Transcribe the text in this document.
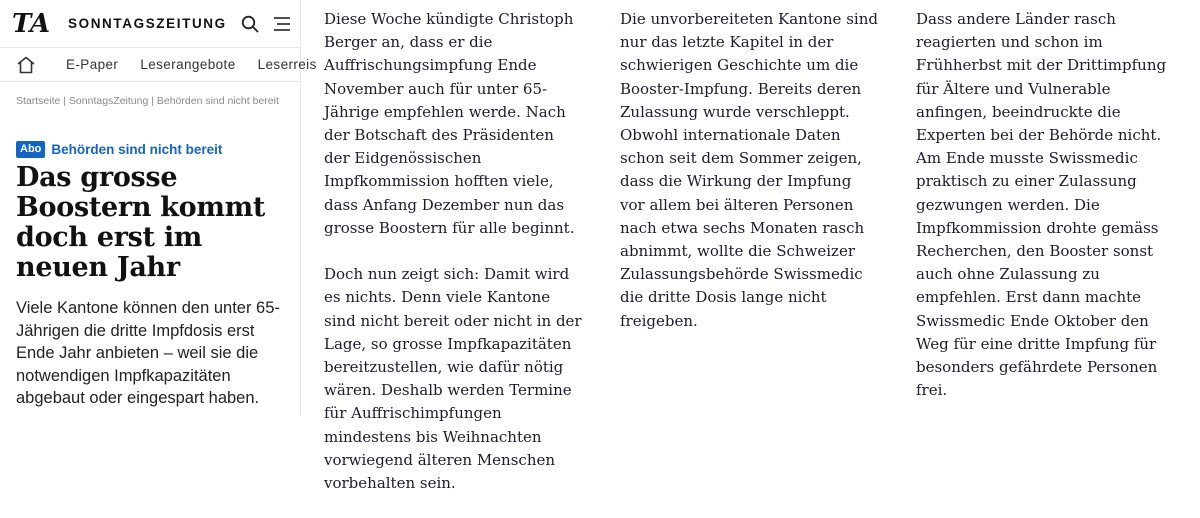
TA SONNTAGSZEITUNG
E-Paper Leserangebote Leserreis
Startseite | SonntagsZeitung | Behörden sind nicht bereit
Abo Behörden sind nicht bereit
Das grosse Boostern kommt doch erst im neuen Jahr
Viele Kantone können den unter 65-Jährigen die dritte Impfdosis erst Ende Jahr anbieten – weil sie die notwendigen Impfkapazitäten abgebaut oder eingespart haben.

Diese Woche kündigte Christoph Berger an, dass er die Auffrischungsimpfung Ende November auch für unter 65-Jährige empfehlen werde. Nach der Botschaft des Präsidenten der Eidgenössischen Impfkommission hofften viele, dass Anfang Dezember nun das grosse Boostern für alle beginnt.

Doch nun zeigt sich: Damit wird es nichts. Denn viele Kantone sind nicht bereit oder nicht in der Lage, so grosse Impfkapazitäten bereitzustellen, wie dafür nötig wären. Deshalb werden Termine für Auffrischimpfungen mindestens bis Weihnachten vorwiegend älteren Menschen vorbehalten sein.

Die unvorbereiteten Kantone sind nur das letzte Kapitel in der schwierigen Geschichte um die Booster-Impfung. Bereits deren Zulassung wurde verschleppt. Obwohl internationale Daten schon seit dem Sommer zeigen, dass die Wirkung der Impfung vor allem bei älteren Personen nach etwa sechs Monaten rasch abnimmt, wollte die Schweizer Zulassungsbehörde Swissmedic die dritte Dosis lange nicht freigeben.

Dass andere Länder rasch reagierten und schon im Frühherbst mit der Drittimpfung für Ältere und Vulnerable anfingen, beeindruckte die Experten bei der Behörde nicht. Am Ende musste Swissmedic praktisch zu einer Zulassung gezwungen werden. Die Impfkommission drohte gemäss Recherchen, den Booster sonst auch ohne Zulassung zu empfehlen. Erst dann machte Swissmedic Ende Oktober den Weg für eine dritte Impfung für besonders gefährdete Personen frei.
